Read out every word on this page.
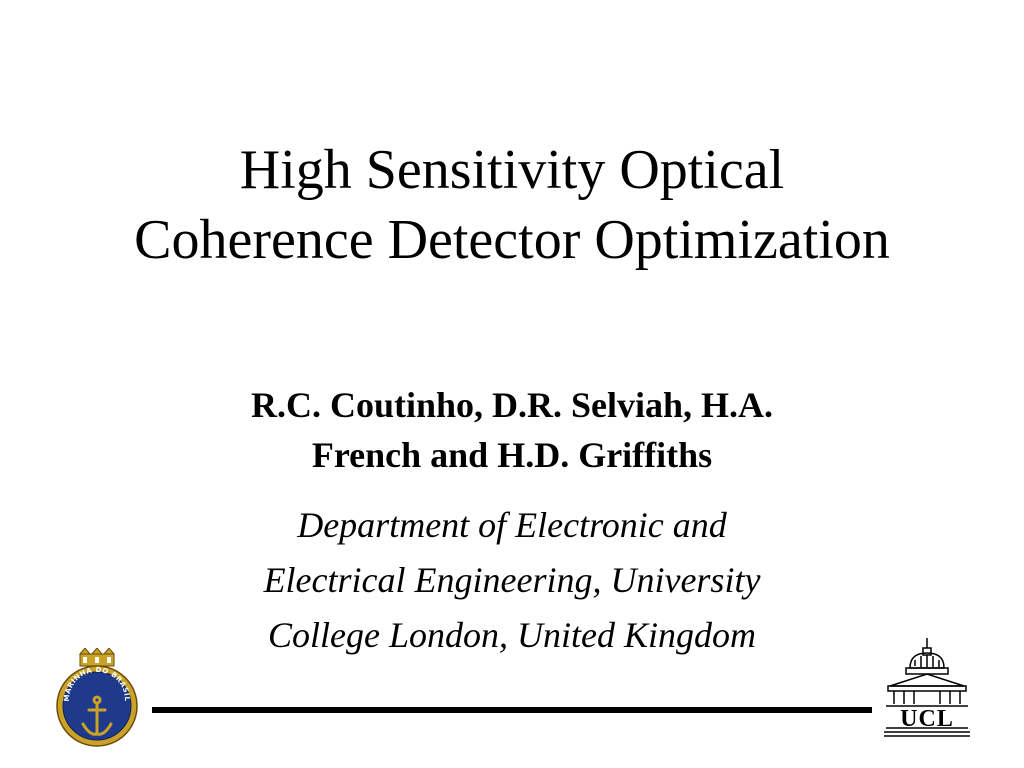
High Sensitivity Optical
Coherence Detector Optimization
R.C. Coutinho, D.R. Selviah, H.A.
French and H.D. Griffiths
Department of Electronic and
Electrical Engineering, University
College London, United Kingdom
MARINHA DO BRASIL
UCL
